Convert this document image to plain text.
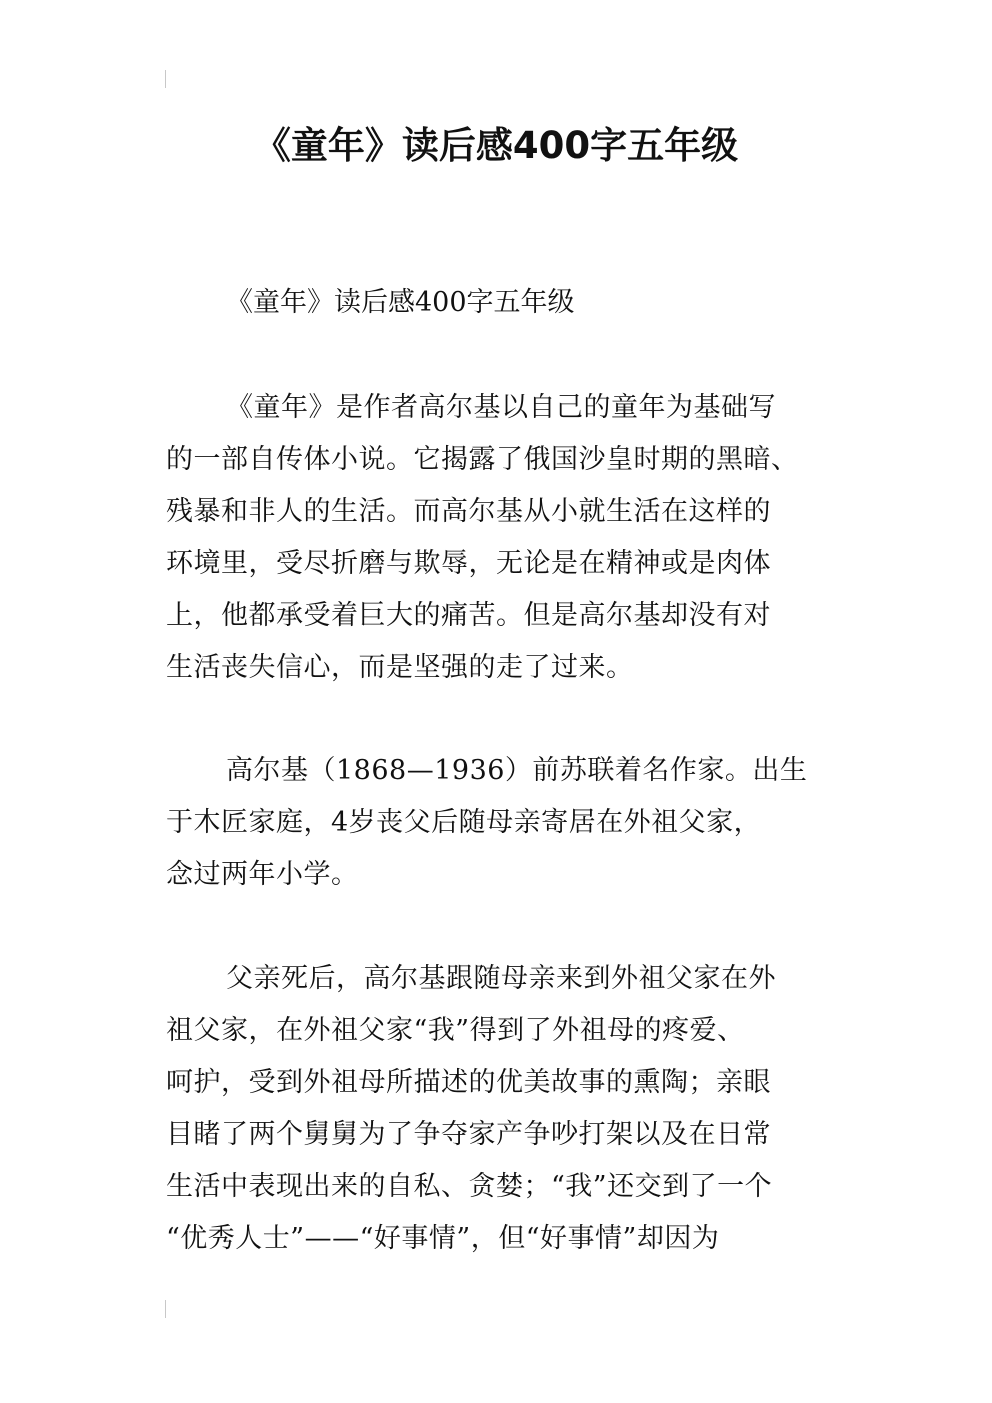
《童年》读后感400字五年级
《童年》读后感400字五年级
《童年》是作者高尔基以自己的童年为基础写
的一部自传体小说。它揭露了俄国沙皇时期的黑暗、
残暴和非人的生活。而高尔基从小就生活在这样的
环境里，受尽折磨与欺辱，无论是在精神或是肉体
上，他都承受着巨大的痛苦。但是高尔基却没有对
生活丧失信心，而是坚强的走了过来。
高尔基（1868—1936）前苏联着名作家。出生
于木匠家庭，4岁丧父后随母亲寄居在外祖父家，
念过两年小学。
父亲死后，高尔基跟随母亲来到外祖父家在外
祖父家，在外祖父家“我”得到了外祖母的疼爱、
呵护，受到外祖母所描述的优美故事的熏陶；亲眼
目睹了两个舅舅为了争夺家产争吵打架以及在日常
生活中表现出来的自私、贪婪；“我”还交到了一个
“优秀人士”——“好事情”，但“好事情”却因为
